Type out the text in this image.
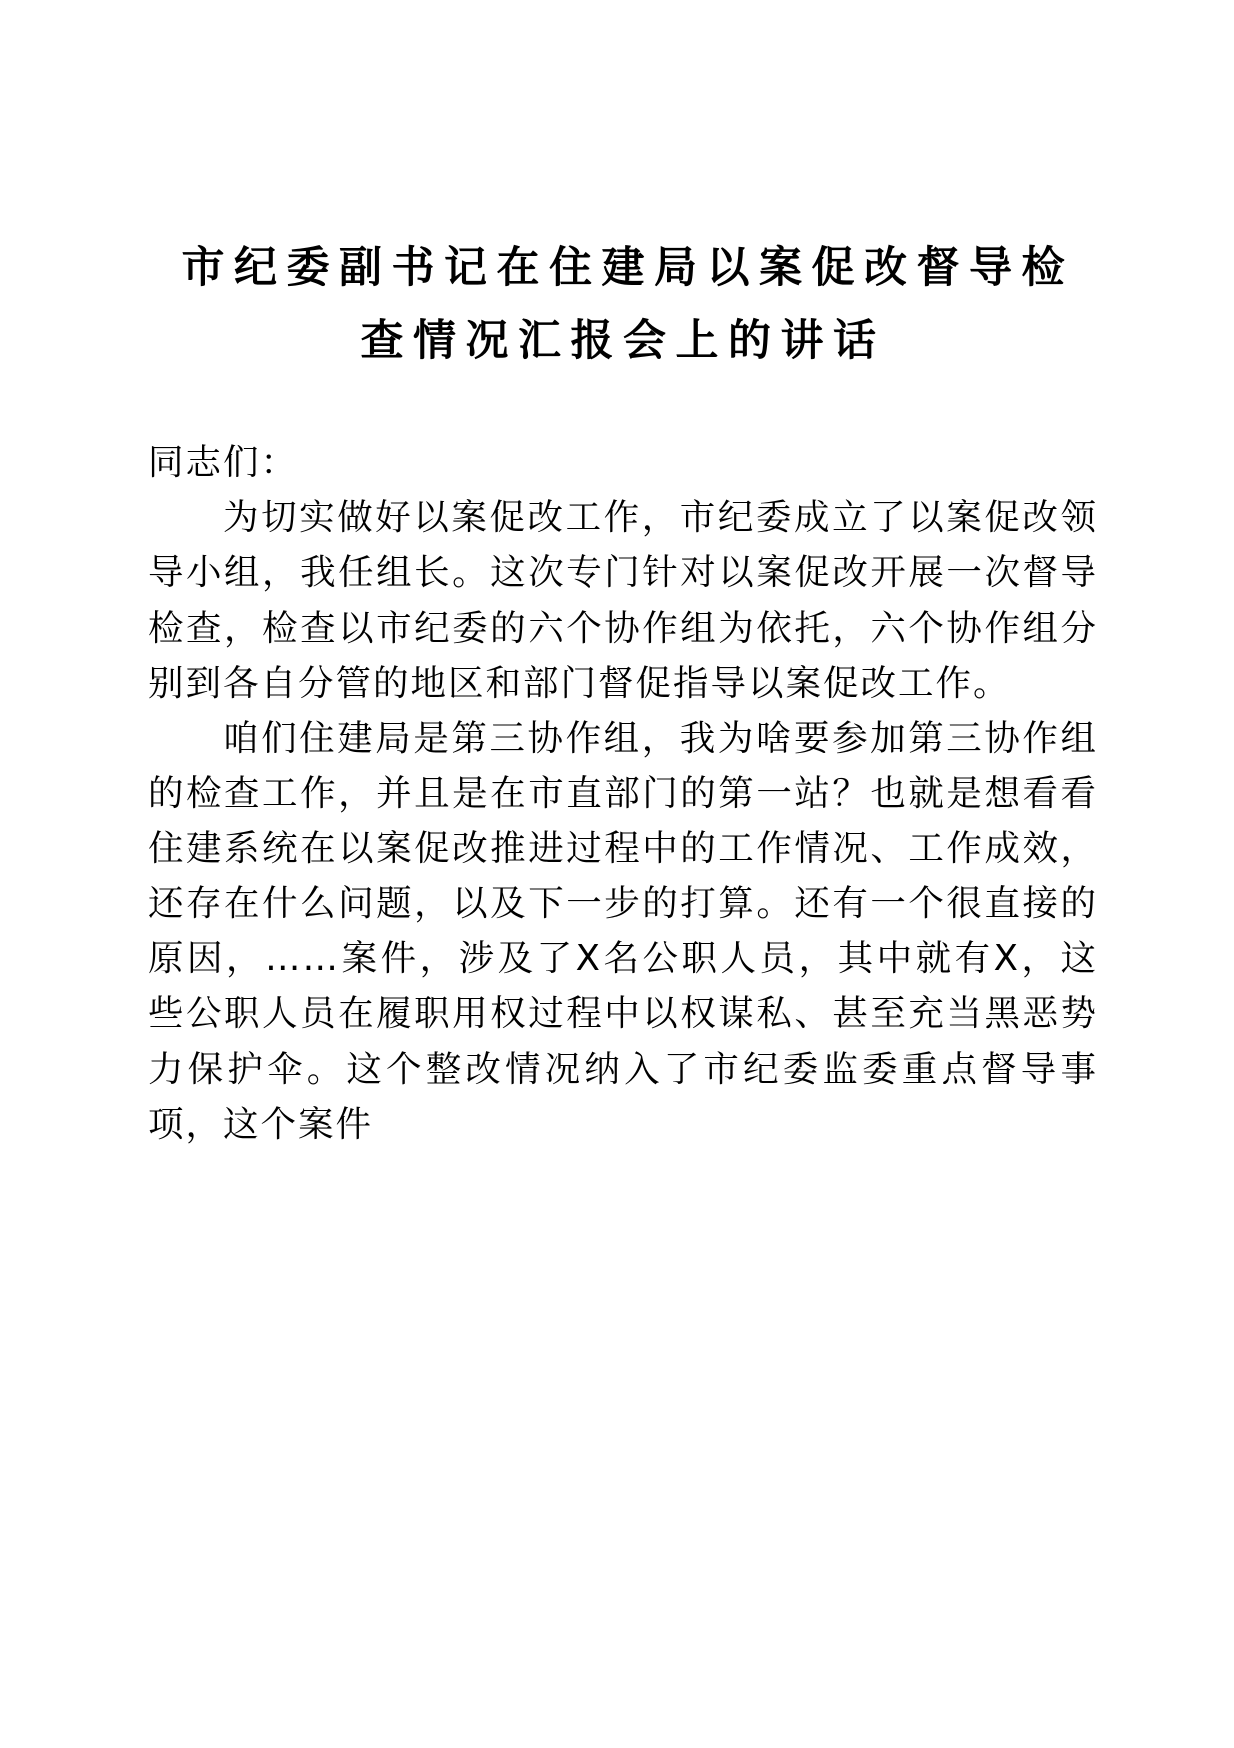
市纪委副书记在住建局以案促改督导检查情况汇报会上的讲话

同志们：

为切实做好以案促改工作，市纪委成立了以案促改领导小组，我任组长。这次专门针对以案促改开展一次督导检查，检查以市纪委的六个协作组为依托，六个协作组分别到各自分管的地区和部门督促指导以案促改工作。

咱们住建局是第三协作组，我为啥要参加第三协作组的检查工作，并且是在市直部门的第一站？也就是想看看住建系统在以案促改推进过程中的工作情况、工作成效，还存在什么问题，以及下一步的打算。还有一个很直接的原因，……案件，涉及了X名公职人员，其中就有X，这些公职人员在履职用权过程中以权谋私、甚至充当黑恶势力保护伞。这个整改情况纳入了市纪委监委重点督导事项，这个案件
